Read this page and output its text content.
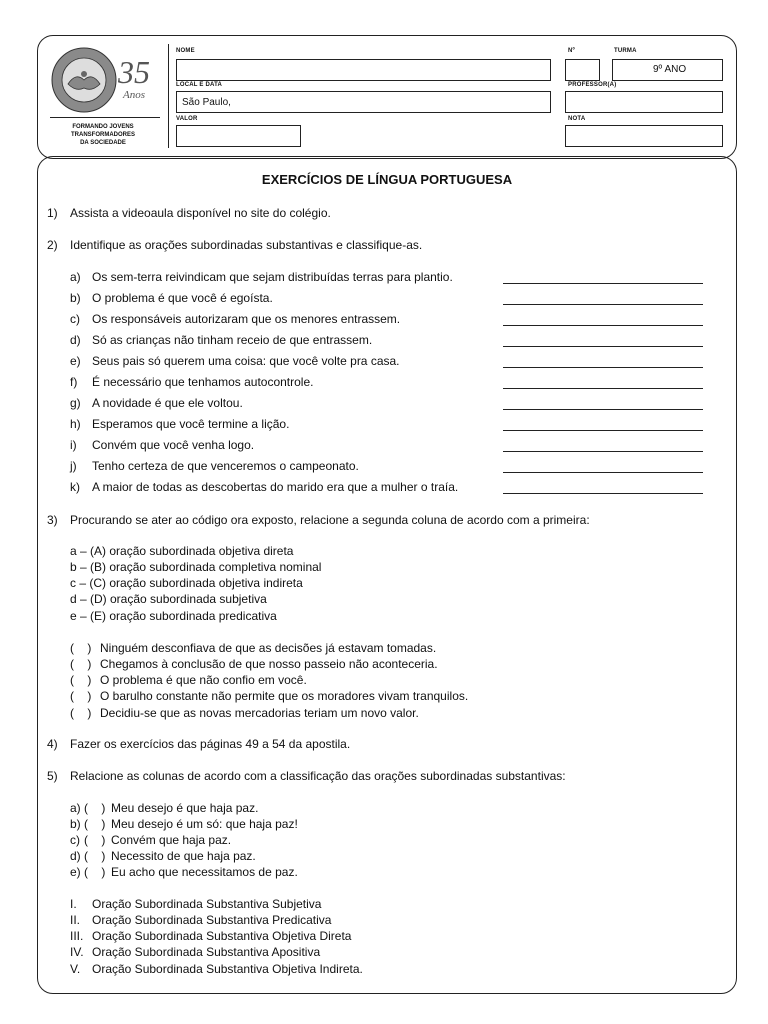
35
Anos
FORMANDO JOVENS
TRANSFORMADORES
DA SOCIEDADE
NOME	Nº	TURMA
9º ANO
LOCAL E DATA
São Paulo,
PROFESSOR(A)
VALOR	NOTA
EXERCÍCIOS DE LÍNGUA PORTUGUESA
1) Assista a videoaula disponível no site do colégio.
2) Identifique as orações subordinadas substantivas e classifique-as.
a) Os sem-terra reivindicam que sejam distribuídas terras para plantio.
b) O problema é que você é egoísta.
c) Os responsáveis autorizaram que os menores entrassem.
d) Só as crianças não tinham receio de que entrassem.
e) Seus pais só querem uma coisa: que você volte pra casa.
f) É necessário que tenhamos autocontrole.
g) A novidade é que ele voltou.
h) Esperamos que você termine a lição.
i) Convém que você venha logo.
j) Tenho certeza de que venceremos o campeonato.
k) A maior de todas as descobertas do marido era que a mulher o traía.
3) Procurando se ater ao código ora exposto, relacione a segunda coluna de acordo com a primeira:
a – (A) oração subordinada objetiva direta
b – (B) oração subordinada completiva nominal
c – (C) oração subordinada objetiva indireta
d – (D) oração subordinada subjetiva
e – (E) oração subordinada predicativa
(    ) Ninguém desconfiava de que as decisões já estavam tomadas.
(    ) Chegamos à conclusão de que nosso passeio não aconteceria.
(    ) O problema é que não confio em você.
(    ) O barulho constante não permite que os moradores vivam tranquilos.
(    ) Decidiu-se que as novas mercadorias teriam um novo valor.
4) Fazer os exercícios das páginas 49 a 54 da apostila.
5) Relacione as colunas de acordo com a classificação das orações subordinadas substantivas:
a) (    ) Meu desejo é que haja paz.
b) (    ) Meu desejo é um só: que haja paz!
c) (    ) Convém que haja paz.
d) (    ) Necessito de que haja paz.
e) (    ) Eu acho que necessitamos de paz.
I. Oração Subordinada Substantiva Subjetiva
II. Oração Subordinada Substantiva Predicativa
III. Oração Subordinada Substantiva Objetiva Direta
IV. Oração Subordinada Substantiva Apositiva
V. Oração Subordinada Substantiva Objetiva Indireta.
